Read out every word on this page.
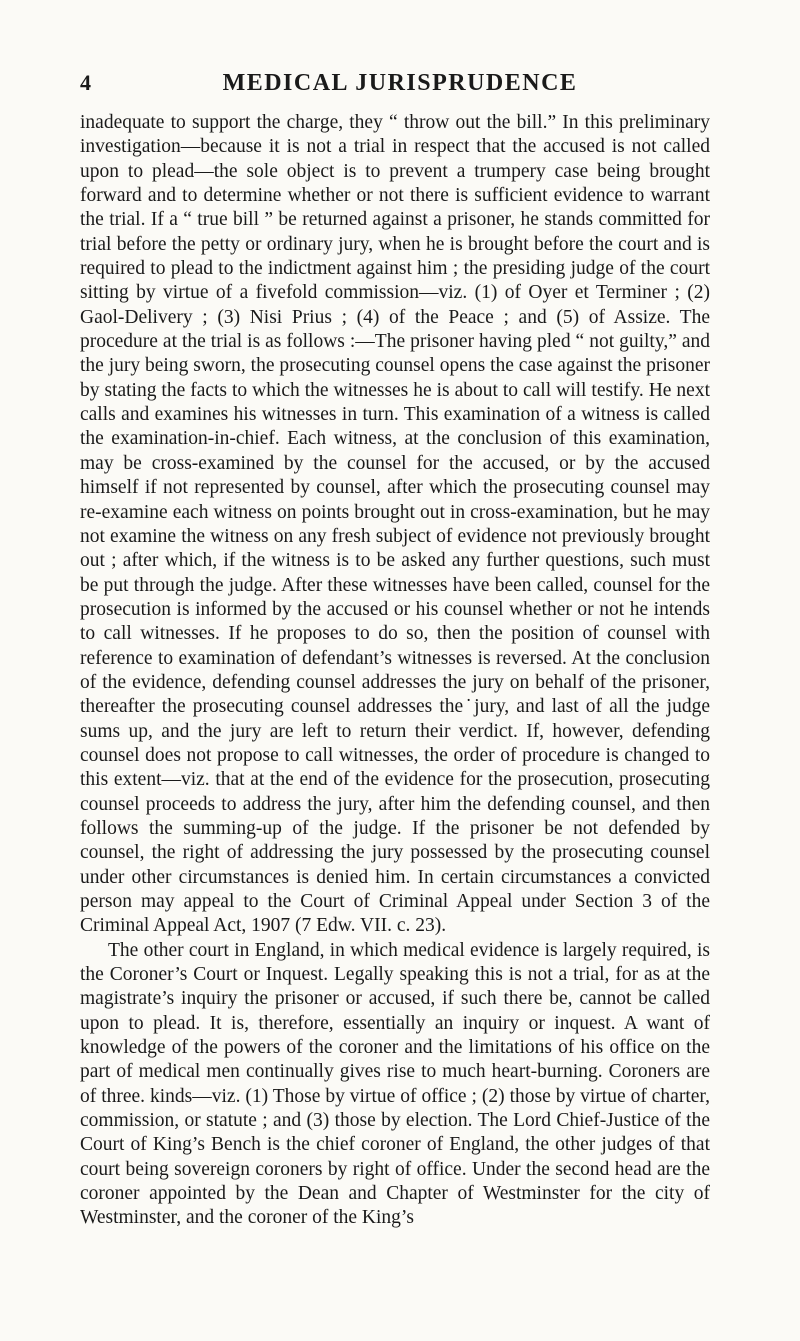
4	MEDICAL JURISPRUDENCE

inadequate to support the charge, they “ throw out the bill.” In this preliminary investigation—because it is not a trial in respect that the accused is not called upon to plead—the sole object is to prevent a trumpery case being brought forward and to determine whether or not there is sufficient evidence to warrant the trial. If a “ true bill ” be returned against a prisoner, he stands committed for trial before the petty or ordinary jury, when he is brought before the court and is required to plead to the indictment against him ; the presiding judge of the court sitting by virtue of a fivefold commission—viz. (1) of Oyer et Terminer ; (2) Gaol-Delivery ; (3) Nisi Prius ; (4) of the Peace ; and (5) of Assize. The procedure at the trial is as follows :—The prisoner having pled “ not guilty,” and the jury being sworn, the prosecuting counsel opens the case against the prisoner by stating the facts to which the witnesses he is about to call will testify. He next calls and examines his witnesses in turn. This examination of a witness is called the examination-in-chief. Each witness, at the conclusion of this examination, may be cross-examined by the counsel for the accused, or by the accused himself if not represented by counsel, after which the prosecuting counsel may re-examine each witness on points brought out in cross-examination, but he may not examine the witness on any fresh subject of evidence not previously brought out ; after which, if the witness is to be asked any further questions, such must be put through the judge. After these witnesses have been called, counsel for the prosecution is informed by the accused or his counsel whether or not he intends to call witnesses. If he proposes to do so, then the position of counsel with reference to examination of defendant’s witnesses is reversed. At the conclusion of the evidence, defending counsel addresses the jury on behalf of the prisoner, thereafter the prosecuting counsel addresses the˙jury, and last of all the judge sums up, and the jury are left to return their verdict. If, however, defending counsel does not propose to call witnesses, the order of procedure is changed to this extent—viz. that at the end of the evidence for the prosecution, prosecuting counsel proceeds to address the jury, after him the defending counsel, and then follows the summing-up of the judge. If the prisoner be not defended by counsel, the right of addressing the jury possessed by the prosecuting counsel under other circumstances is denied him. In certain circumstances a convicted person may appeal to the Court of Criminal Appeal under Section 3 of the Criminal Appeal Act, 1907 (7 Edw. VII. c. 23).

The other court in England, in which medical evidence is largely required, is the Coroner’s Court or Inquest. Legally speaking this is not a trial, for as at the magistrate’s inquiry the prisoner or accused, if such there be, cannot be called upon to plead. It is, therefore, essentially an inquiry or inquest. A want of knowledge of the powers of the coroner and the limitations of his office on the part of medical men continually gives rise to much heart-burning. Coroners are of three. kinds—viz. (1) Those by virtue of office ; (2) those by virtue of charter, commission, or statute ; and (3) those by election. The Lord Chief-Justice of the Court of King’s Bench is the chief coroner of England, the other judges of that court being sovereign coroners by right of office. Under the second head are the coroner appointed by the Dean and Chapter of Westminster for the city of Westminster, and the coroner of the King’s
